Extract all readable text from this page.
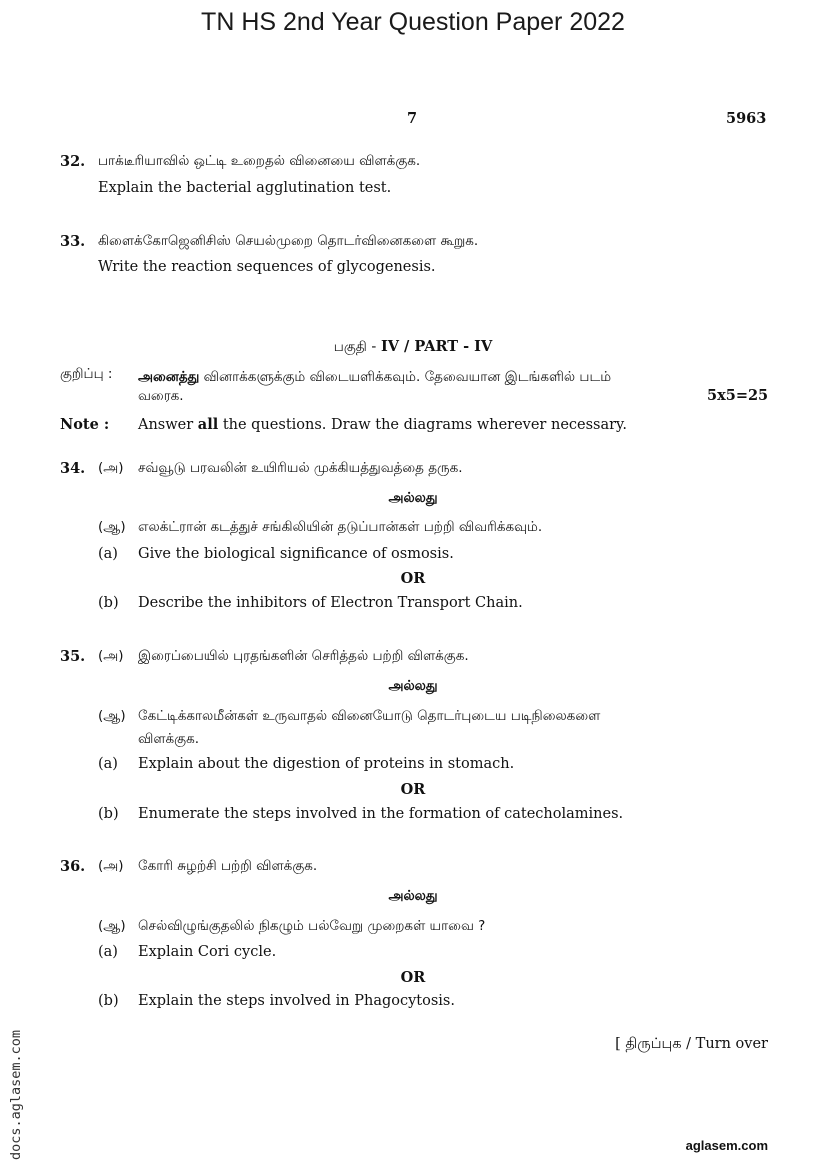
TN HS 2nd Year Question Paper 2022
7	5963
32. பாக்டீரியாவில் ஒட்டி உறைதல் வினையை விளக்குக.
Explain the bacterial agglutination test.
33. கிளைக்கோஜெனிசிஸ் செயல்முறை தொடர்வினைகளை கூறுக.
Write the reaction sequences of glycogenesis.
பகுதி - IV / PART - IV
குறிப்பு : அனைத்து வினாக்களுக்கும் விடையளிக்கவும். தேவையான இடங்களில் படம்
வரைக.	5x5=25
Note : Answer all the questions. Draw the diagrams wherever necessary.
34. (அ) சவ்வூடு பரவலின் உயிரியல் முக்கியத்துவத்தை தருக.
அல்லது
(ஆ) எலக்ட்ரான் கடத்துச் சங்கிலியின் தடுப்பான்கள் பற்றி விவரிக்கவும்.
(a) Give the biological significance of osmosis.
OR
(b) Describe the inhibitors of Electron Transport Chain.
35. (அ) இரைப்பையில் புரதங்களின் செரித்தல் பற்றி விளக்குக.
அல்லது
(ஆ) கேட்டிக்காலமீன்கள் உருவாதல் வினையோடு தொடர்புடைய படிநிலைகளை
விளக்குக.
(a) Explain about the digestion of proteins in stomach.
OR
(b) Enumerate the steps involved in the formation of catecholamines.
36. (அ) கோரி சுழற்சி பற்றி விளக்குக.
அல்லது
(ஆ) செல்விழுங்குதலில் நிகழும் பல்வேறு முறைகள் யாவை ?
(a) Explain Cori cycle.
OR
(b) Explain the steps involved in Phagocytosis.
[ திருப்புக / Turn over
docs.aglasem.com	aglasem.com
